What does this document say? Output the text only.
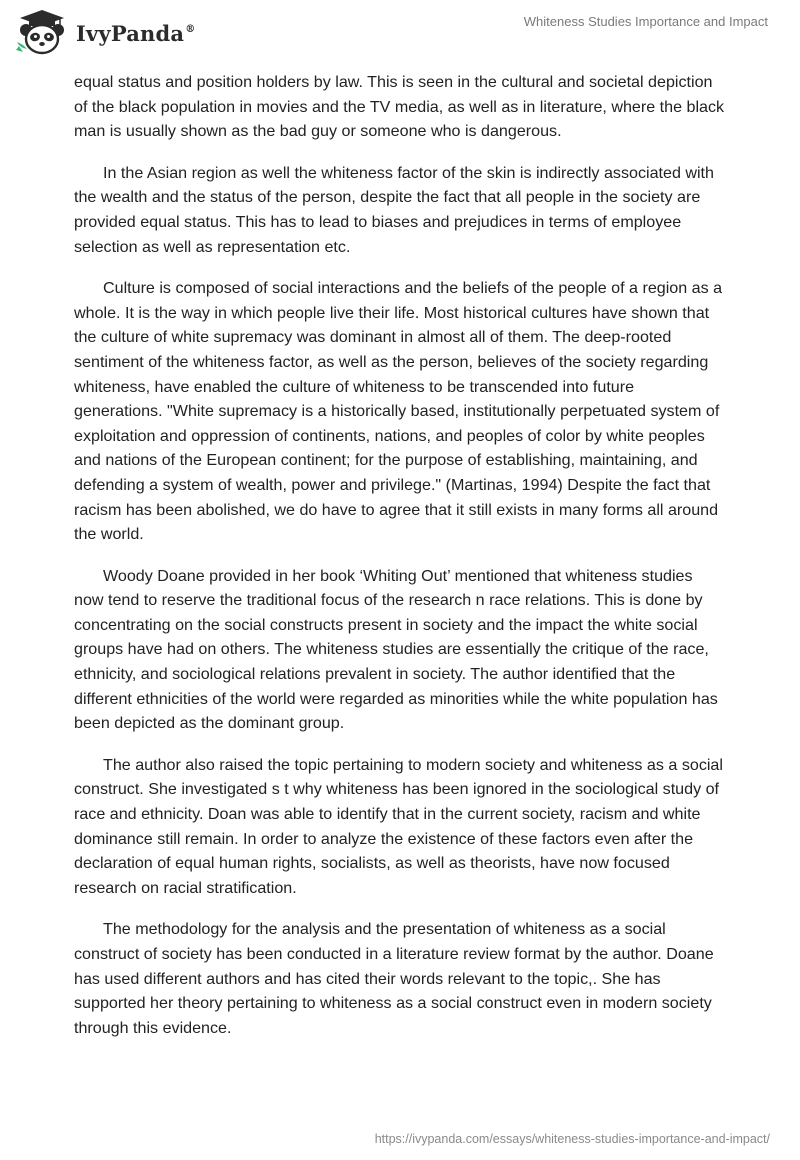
IvyPanda®	Whiteness Studies Importance and Impact

equal status and position holders by law. This is seen in the cultural and societal depiction of the black population in movies and the TV media, as well as in literature, where the black man is usually shown as the bad guy or someone who is dangerous.

In the Asian region as well the whiteness factor of the skin is indirectly associated with the wealth and the status of the person, despite the fact that all people in the society are provided equal status. This has to lead to biases and prejudices in terms of employee selection as well as representation etc.

Culture is composed of social interactions and the beliefs of the people of a region as a whole. It is the way in which people live their life. Most historical cultures have shown that the culture of white supremacy was dominant in almost all of them. The deep-rooted sentiment of the whiteness factor, as well as the person, believes of the society regarding whiteness, have enabled the culture of whiteness to be transcended into future generations. "White supremacy is a historically based, institutionally perpetuated system of exploitation and oppression of continents, nations, and peoples of color by white peoples and nations of the European continent; for the purpose of establishing, maintaining, and defending a system of wealth, power and privilege." (Martinas, 1994) Despite the fact that racism has been abolished, we do have to agree that it still exists in many forms all around the world.

Woody Doane provided in her book ‘Whiting Out’ mentioned that whiteness studies now tend to reserve the traditional focus of the research n race relations. This is done by concentrating on the social constructs present in society and the impact the white social groups have had on others. The whiteness studies are essentially the critique of the race, ethnicity, and sociological relations prevalent in society. The author identified that the different ethnicities of the world were regarded as minorities while the white population has been depicted as the dominant group.

The author also raised the topic pertaining to modern society and whiteness as a social construct. She investigated s t why whiteness has been ignored in the sociological study of race and ethnicity. Doan was able to identify that in the current society, racism and white dominance still remain. In order to analyze the existence of these factors even after the declaration of equal human rights, socialists, as well as theorists, have now focused research on racial stratification.

The methodology for the analysis and the presentation of whiteness as a social construct of society has been conducted in a literature review format by the author. Doane has used different authors and has cited their words relevant to the topic,. She has supported her theory pertaining to whiteness as a social construct even in modern society through this evidence.

https://ivypanda.com/essays/whiteness-studies-importance-and-impact/
